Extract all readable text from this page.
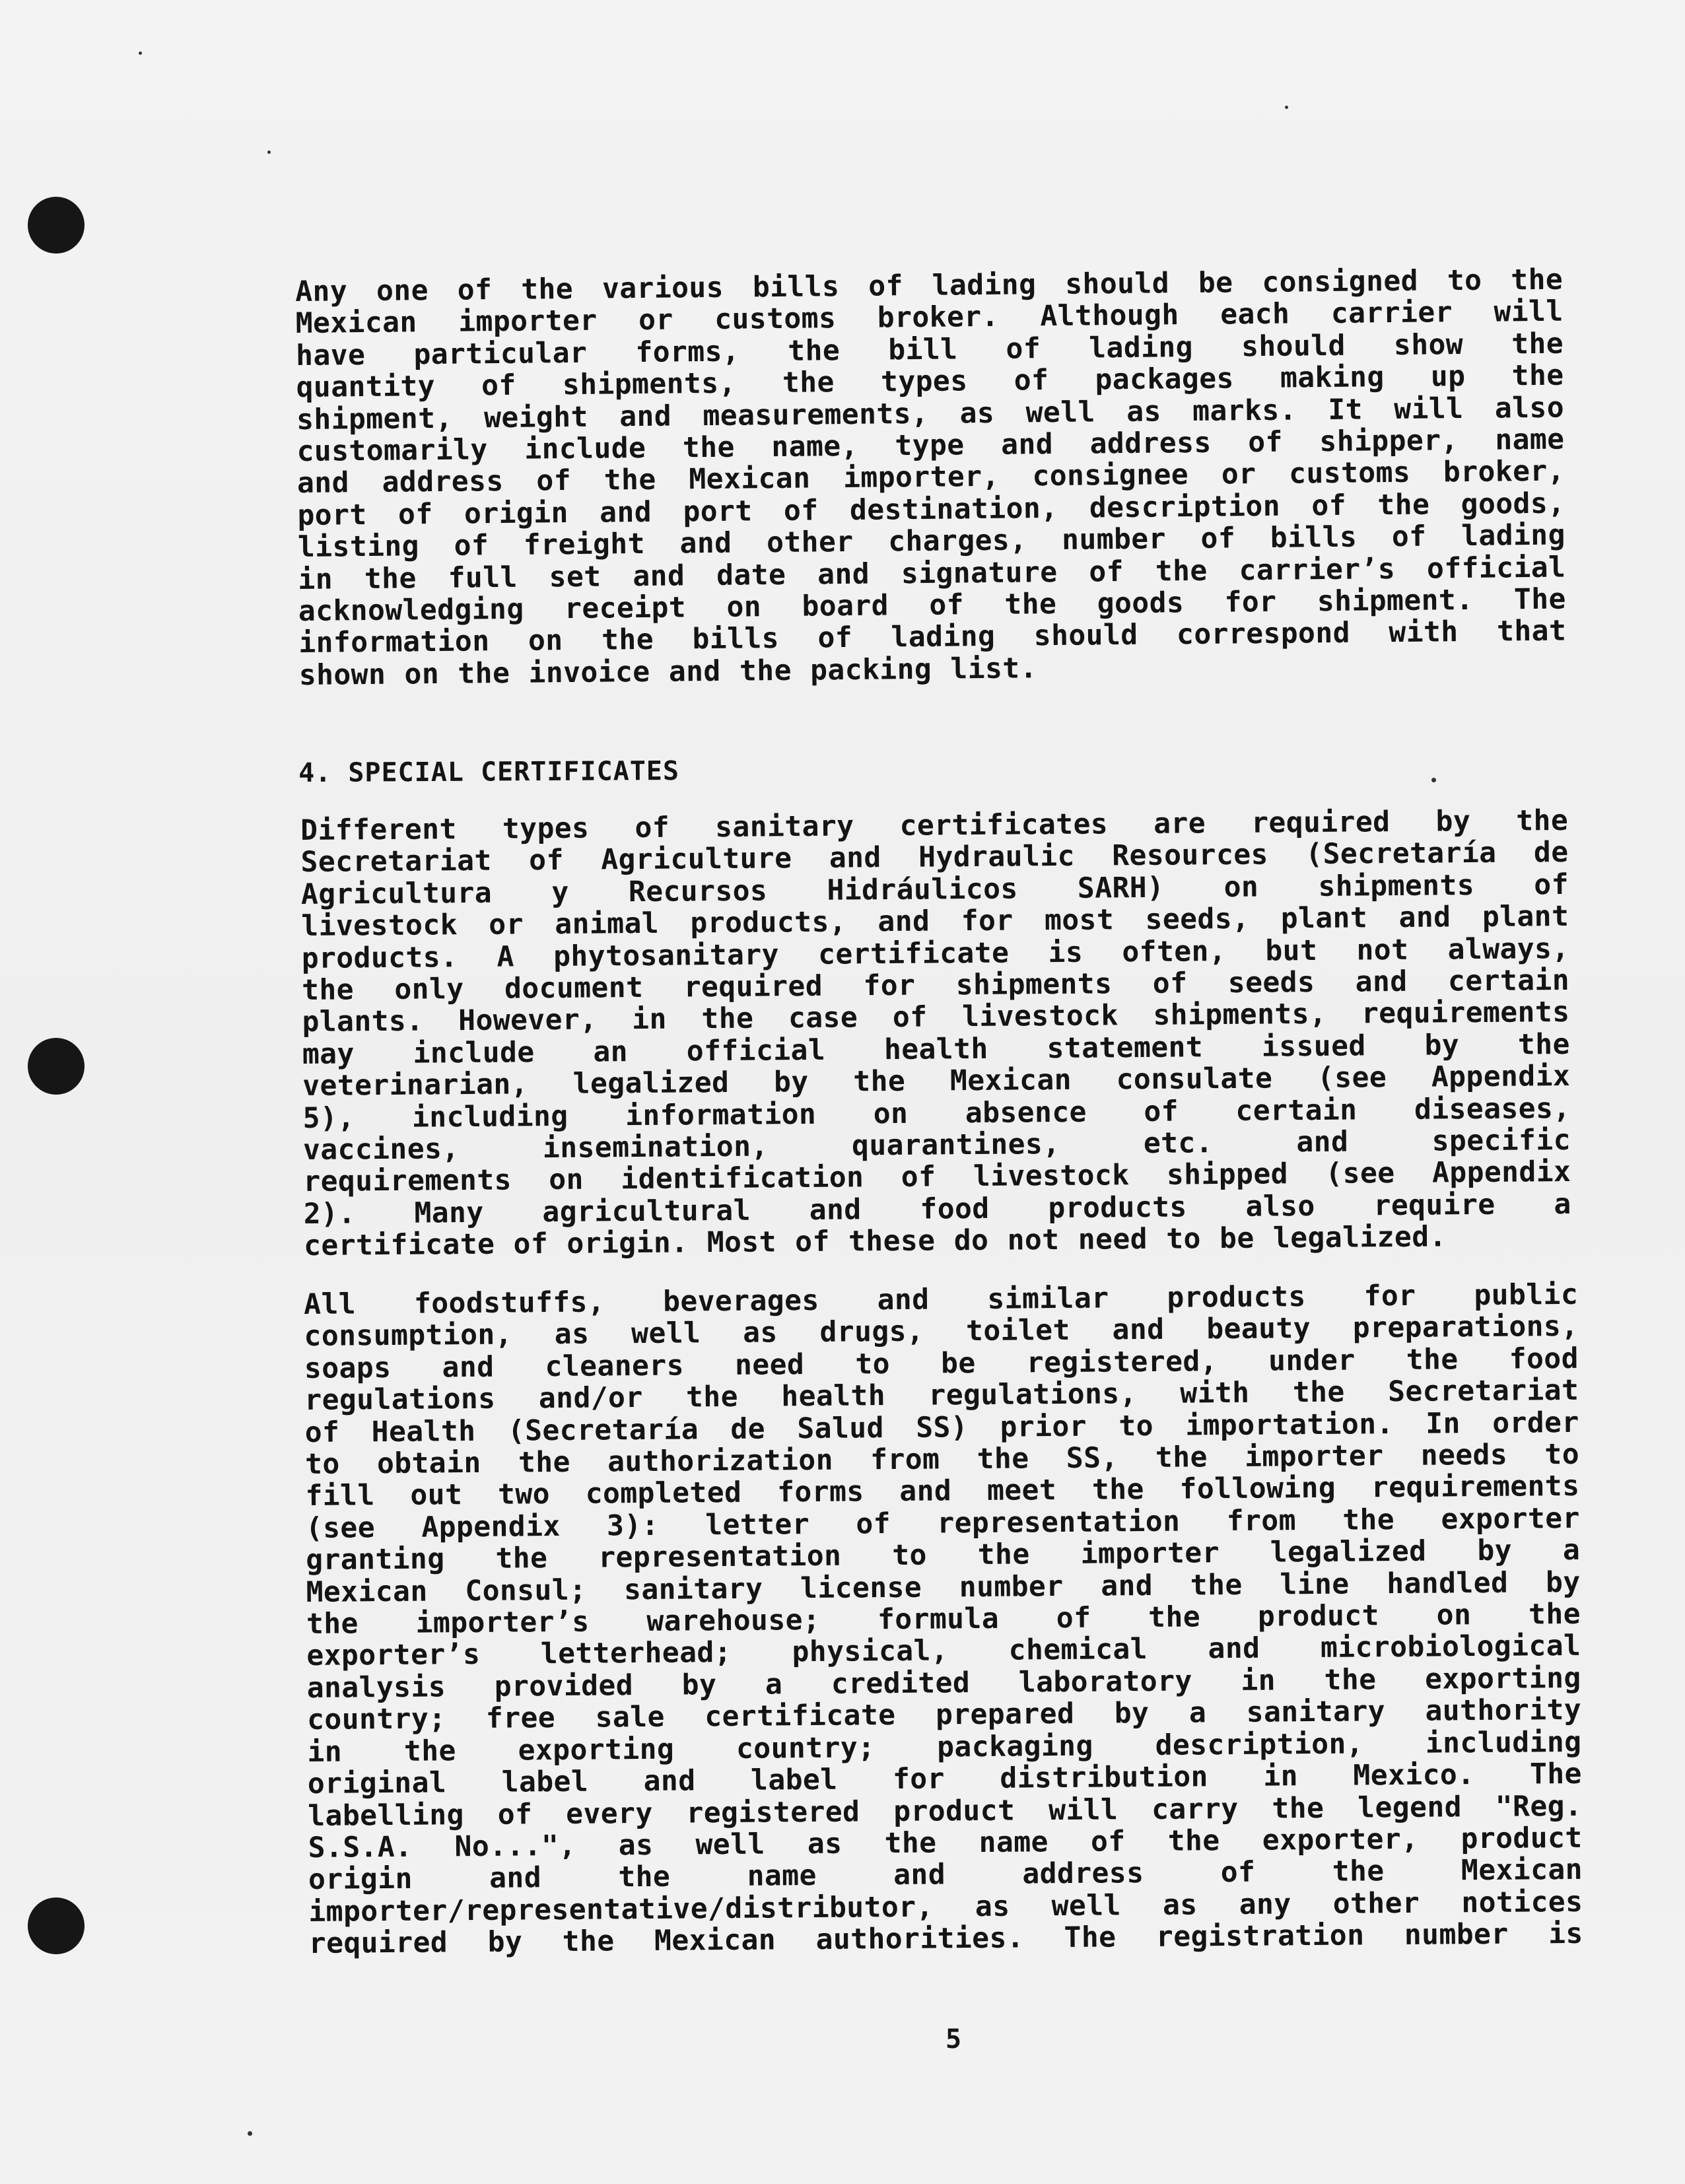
Any one of the various bills of lading should be consigned to the
Mexican importer or customs broker. Although each carrier will
have particular forms, the bill of lading should show the
quantity of shipments, the types of packages making up the
shipment, weight and measurements, as well as marks. It will also
customarily include the name, type and address of shipper, name
and address of the Mexican importer, consignee or customs broker,
port of origin and port of destination, description of the goods,
listing of freight and other charges, number of bills of lading
in the full set and date and signature of the carrier’s official
acknowledging receipt on board of the goods for shipment. The
information on the bills of lading should correspond with that
shown on the invoice and the packing list.
4. SPECIAL CERTIFICATES
Different types of sanitary certificates are required by the
Secretariat of Agriculture and Hydraulic Resources (Secretaría de
Agricultura y Recursos Hidráulicos SARH) on shipments of
livestock or animal products, and for most seeds, plant and plant
products. A phytosanitary certificate is often, but not always,
the only document required for shipments of seeds and certain
plants. However, in the case of livestock shipments, requirements
may include an official health statement issued by the
veterinarian, legalized by the Mexican consulate (see Appendix
5), including information on absence of certain diseases,
vaccines, insemination, quarantines, etc. and specific
requirements on identification of livestock shipped (see Appendix
2). Many agricultural and food products also require a
certificate of origin. Most of these do not need to be legalized.
All foodstuffs, beverages and similar products for public
consumption, as well as drugs, toilet and beauty preparations,
soaps and cleaners need to be registered, under the food
regulations and/or the health regulations, with the Secretariat
of Health (Secretaría de Salud SS) prior to importation. In order
to obtain the authorization from the SS, the importer needs to
fill out two completed forms and meet the following requirements
(see Appendix 3): letter of representation from the exporter
granting the representation to the importer legalized by a
Mexican Consul; sanitary license number and the line handled by
the importer’s warehouse; formula of the product on the
exporter’s letterhead; physical, chemical and microbiological
analysis provided by a credited laboratory in the exporting
country; free sale certificate prepared by a sanitary authority
in the exporting country; packaging description, including
original label and label for distribution in Mexico. The
labelling of every registered product will carry the legend "Reg.
S.S.A. No...", as well as the name of the exporter, product
origin and the name and address of the Mexican
importer/representative/distributor, as well as any other notices
required by the Mexican authorities. The registration number is
5
